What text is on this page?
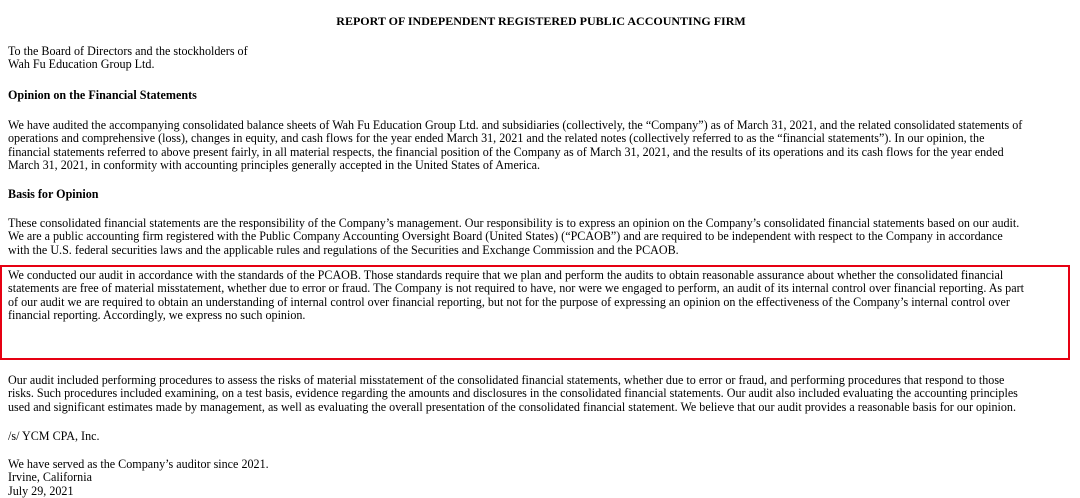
REPORT OF INDEPENDENT REGISTERED PUBLIC ACCOUNTING FIRM

To the Board of Directors and the stockholders of
Wah Fu Education Group Ltd.

Opinion on the Financial Statements

We have audited the accompanying consolidated balance sheets of Wah Fu Education Group Ltd. and subsidiaries (collectively, the “Company”) as of March 31, 2021, and the related consolidated statements of
operations and comprehensive (loss), changes in equity, and cash flows for the year ended March 31, 2021 and the related notes (collectively referred to as the “financial statements”). In our opinion, the
financial statements referred to above present fairly, in all material respects, the financial position of the Company as of March 31, 2021, and the results of its operations and its cash flows for the year ended
March 31, 2021, in conformity with accounting principles generally accepted in the United States of America.

Basis for Opinion

These consolidated financial statements are the responsibility of the Company’s management. Our responsibility is to express an opinion on the Company’s consolidated financial statements based on our audit.
We are a public accounting firm registered with the Public Company Accounting Oversight Board (United States) (“PCAOB”) and are required to be independent with respect to the Company in accordance
with the U.S. federal securities laws and the applicable rules and regulations of the Securities and Exchange Commission and the PCAOB.

We conducted our audit in accordance with the standards of the PCAOB. Those standards require that we plan and perform the audits to obtain reasonable assurance about whether the consolidated financial
statements are free of material misstatement, whether due to error or fraud. The Company is not required to have, nor were we engaged to perform, an audit of its internal control over financial reporting. As part
of our audit we are required to obtain an understanding of internal control over financial reporting, but not for the purpose of expressing an opinion on the effectiveness of the Company’s internal control over
financial reporting. Accordingly, we express no such opinion.

Our audit included performing procedures to assess the risks of material misstatement of the consolidated financial statements, whether due to error or fraud, and performing procedures that respond to those
risks. Such procedures included examining, on a test basis, evidence regarding the amounts and disclosures in the consolidated financial statements. Our audit also included evaluating the accounting principles
used and significant estimates made by management, as well as evaluating the overall presentation of the consolidated financial statement. We believe that our audit provides a reasonable basis for our opinion.

/s/ YCM CPA, Inc.

We have served as the Company’s auditor since 2021.
Irvine, California
July 29, 2021
